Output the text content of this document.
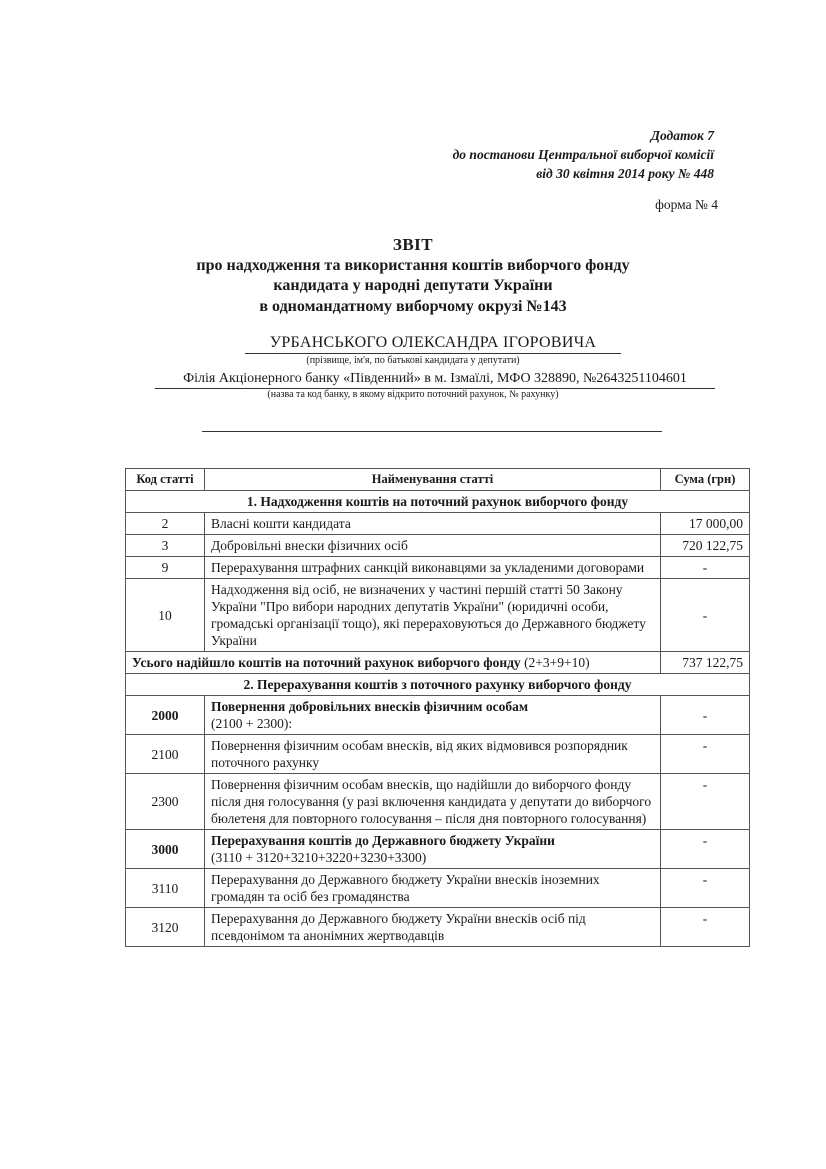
Додаток 7
до постанови Центральної виборчої комісії
від 30 квітня 2014 року № 448
форма № 4
ЗВІТ
про надходження та використання коштів виборчого фонду
кандидата у народні депутати України
в одномандатному виборчому окрузі №143
УРБАНСЬКОГО ОЛЕКСАНДРА ІГОРОВИЧА
(прізвище, ім'я, по батькові кандидата у депутати)
Філія Акціонерного банку «Південний» в м. Ізмаїлі, МФО 328890, №2643251104601
(назва та код банку, в якому відкрито поточний рахунок, № рахунку)
Код статті	Найменування статті	Сума (грн)
1. Надходження коштів на поточний рахунок виборчого фонду		
2	Власні кошти кандидата	17 000,00
3	Добровільні внески фізичних осіб	720 122,75
9	Перерахування штрафних санкцій виконавцями за укладеними договорами	-
10	Надходження від осіб, не визначених у частині першій статті 50 Закону України "Про вибори народних депутатів України" (юридичні особи, громадські організації тощо), які перераховуються до Державного бюджету України	-
Усього надійшло коштів на поточний рахунок виборчого фонду (2+3+9+10)		737 122,75
2. Перерахування коштів з поточного рахунку виборчого фонду		
2000	Повернення добровільних внесків фізичним особам
(2100 + 2300):	-
2100	Повернення фізичним особам внесків, від яких відмовився розпорядник поточного рахунку	-
2300	Повернення фізичним особам внесків, що надійшли до виборчого фонду після дня голосування (у разі включення кандидата у депутати до виборчого бюлетеня для повторного голосування – після дня повторного голосування)	-
3000	Перерахування коштів до Державного бюджету України
(3110 + 3120+3210+3220+3230+3300)	-
3110	Перерахування до Державного бюджету України внесків іноземних громадян та осіб без громадянства	-
3120	Перерахування до Державного бюджету України внесків осіб під псевдонімом та анонімних жертводавців	-
